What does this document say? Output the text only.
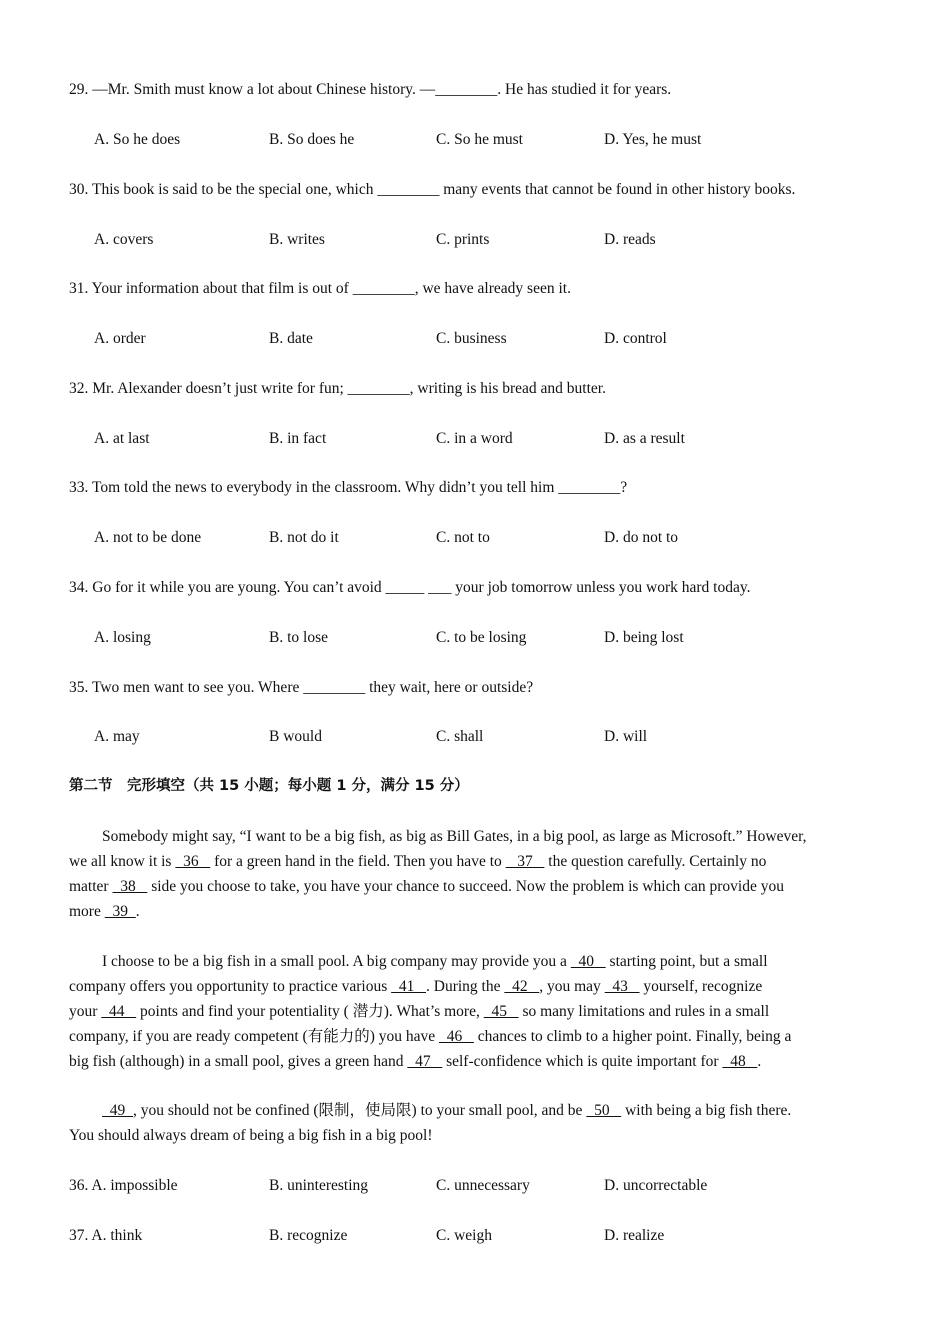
29. —Mr. Smith must know a lot about Chinese history. —________. He has studied it for years.
A. So he does	B. So does he	C. So he must	D. Yes, he must
30. This book is said to be the special one, which ________ many events that cannot be found in other history books.
A. covers	B. writes	C. prints	D. reads
31. Your information about that film is out of ________, we have already seen it.
A. order	B. date	C. business	D. control
32. Mr. Alexander doesn’t just write for fun; ________, writing is his bread and butter.
A. at last	B. in fact	C. in a word	D. as a result
33. Tom told the news to everybody in the classroom. Why didn’t you tell him ________?
A. not to be done	B. not do it	C. not to	D. do not to
34. Go for it while you are young. You can’t avoid _____ ___ your job tomorrow unless you work hard today.
A. losing	B. to lose	C. to be losing	D. being lost
35. Two men want to see you. Where ________ they wait, here or outside?
A. may	B would	C. shall	D. will
第二节　完形填空（共 15 小题；每小题 1 分，满分 15 分）
Somebody might say, “I want to be a big fish, as big as Bill Gates, in a big pool, as large as Microsoft.” However,
we all know it is   36    for a green hand in the field. Then you have to    37    the question carefully. Certainly no
matter   38    side you choose to take, you have your chance to succeed. Now the problem is which can provide you
more   39  .
I choose to be a big fish in a small pool. A big company may provide you a   40    starting point, but a small
company offers you opportunity to practice various   41   . During the   42   , you may   43    yourself, recognize
your   44    points and find your potentiality ( 潜力). What’s more,   45    so many limitations and rules in a small
company, if you are ready competent (有能力的) you have   46    chances to climb to a higher point. Finally, being a
big fish (although) in a small pool, gives a green hand   47    self-confidence which is quite important for   48   .
49  , you should not be confined (限制，使局限) to your small pool, and be   50    with being a big fish there.
You should always dream of being a big fish in a big pool!
36. A. impossible	B. uninteresting	C. unnecessary	D. uncorrectable
37. A. think	B. recognize	C. weigh	D. realize
